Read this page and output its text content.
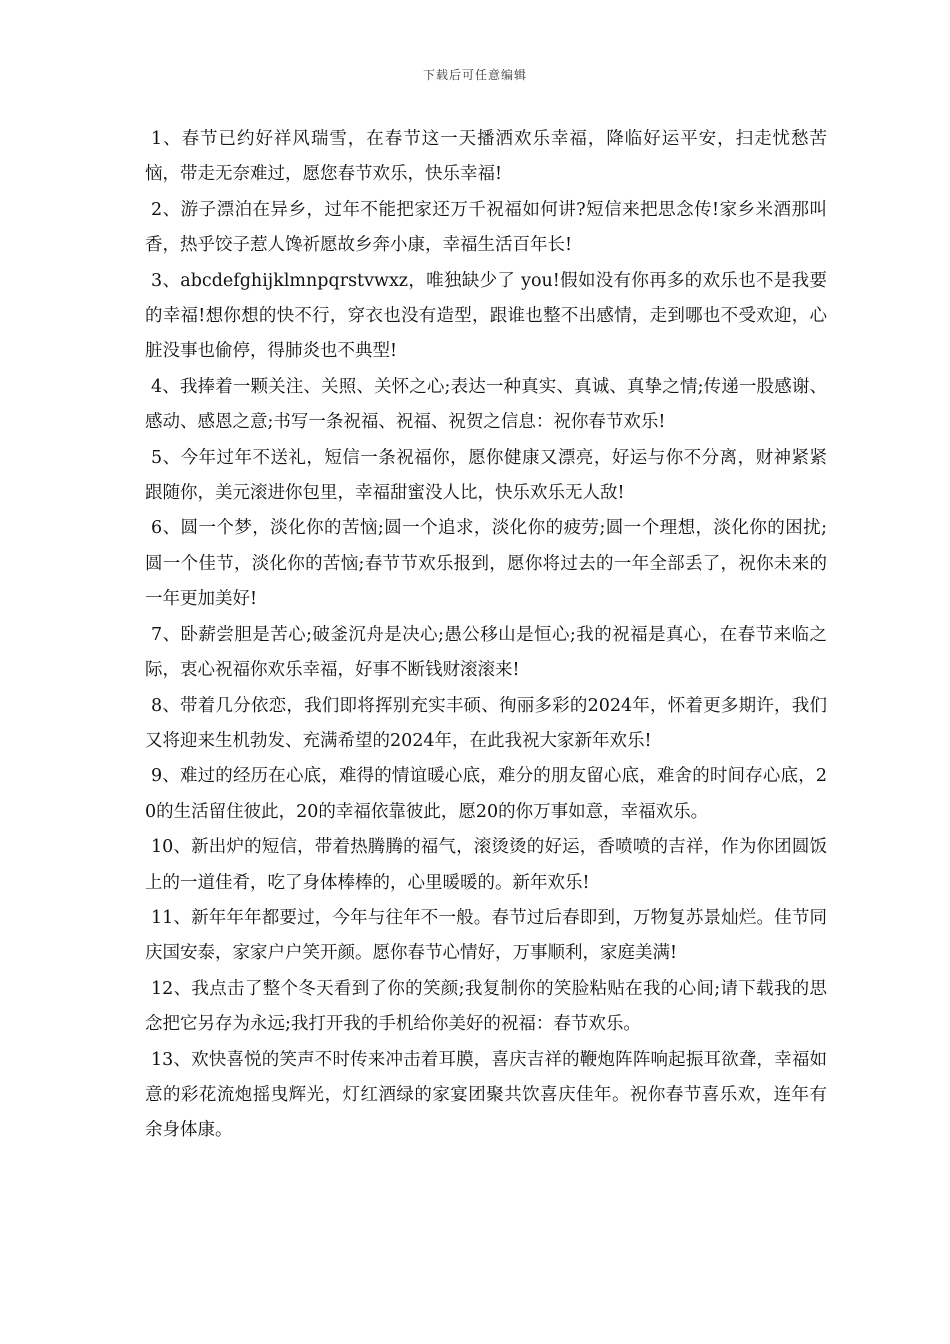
下载后可任意编辑

1、春节已约好祥风瑞雪，在春节这一天播洒欢乐幸福，降临好运平安，扫走忧愁苦恼，带走无奈难过，愿您春节欢乐，快乐幸福!

2、游子漂泊在异乡，过年不能把家还万千祝福如何讲?短信来把思念传!家乡米酒那叫香，热乎饺子惹人馋祈愿故乡奔小康，幸福生活百年长!

3、abcdefghijklmnpqrstvwxz，唯独缺少了 you!假如没有你再多的欢乐也不是我要的幸福!想你想的快不行，穿衣也没有造型，跟谁也整不出感情，走到哪也不受欢迎，心脏没事也偷停，得肺炎也不典型!

4、我捧着一颗关注、关照、关怀之心;表达一种真实、真诚、真挚之情;传递一股感谢、感动、感恩之意;书写一条祝福、祝福、祝贺之信息：祝你春节欢乐!

5、今年过年不送礼，短信一条祝福你，愿你健康又漂亮，好运与你不分离，财神紧紧跟随你，美元滚进你包里，幸福甜蜜没人比，快乐欢乐无人敌!

6、圆一个梦，淡化你的苦恼;圆一个追求，淡化你的疲劳;圆一个理想，淡化你的困扰;圆一个佳节，淡化你的苦恼;春节节欢乐报到，愿你将过去的一年全部丢了，祝你未来的一年更加美好!

7、卧薪尝胆是苦心;破釜沉舟是决心;愚公移山是恒心;我的祝福是真心，在春节来临之际，衷心祝福你欢乐幸福，好事不断钱财滚滚来!

8、带着几分依恋，我们即将挥别充实丰硕、徇丽多彩的2024年，怀着更多期许，我们又将迎来生机勃发、充满希望的2024年，在此我祝大家新年欢乐!

9、难过的经历在心底，难得的情谊暖心底，难分的朋友留心底，难舍的时间存心底，20的生活留住彼此，20的幸福依靠彼此，愿20的你万事如意，幸福欢乐。

10、新出炉的短信，带着热腾腾的福气，滚烫烫的好运，香喷喷的吉祥，作为你团圆饭上的一道佳肴，吃了身体棒棒的，心里暖暖的。新年欢乐!

11、新年年年都要过，今年与往年不一般。春节过后春即到，万物复苏景灿烂。佳节同庆国安泰，家家户户笑开颜。愿你春节心情好，万事顺利，家庭美满!

12、我点击了整个冬天看到了你的笑颜;我复制你的笑脸粘贴在我的心间;请下载我的思念把它另存为永远;我打开我的手机给你美好的祝福：春节欢乐。

13、欢快喜悦的笑声不时传来冲击着耳膜，喜庆吉祥的鞭炮阵阵响起振耳欲聋，幸福如意的彩花流炮摇曳辉光，灯红酒绿的家宴团聚共饮喜庆佳年。祝你春节喜乐欢，连年有余身体康。
